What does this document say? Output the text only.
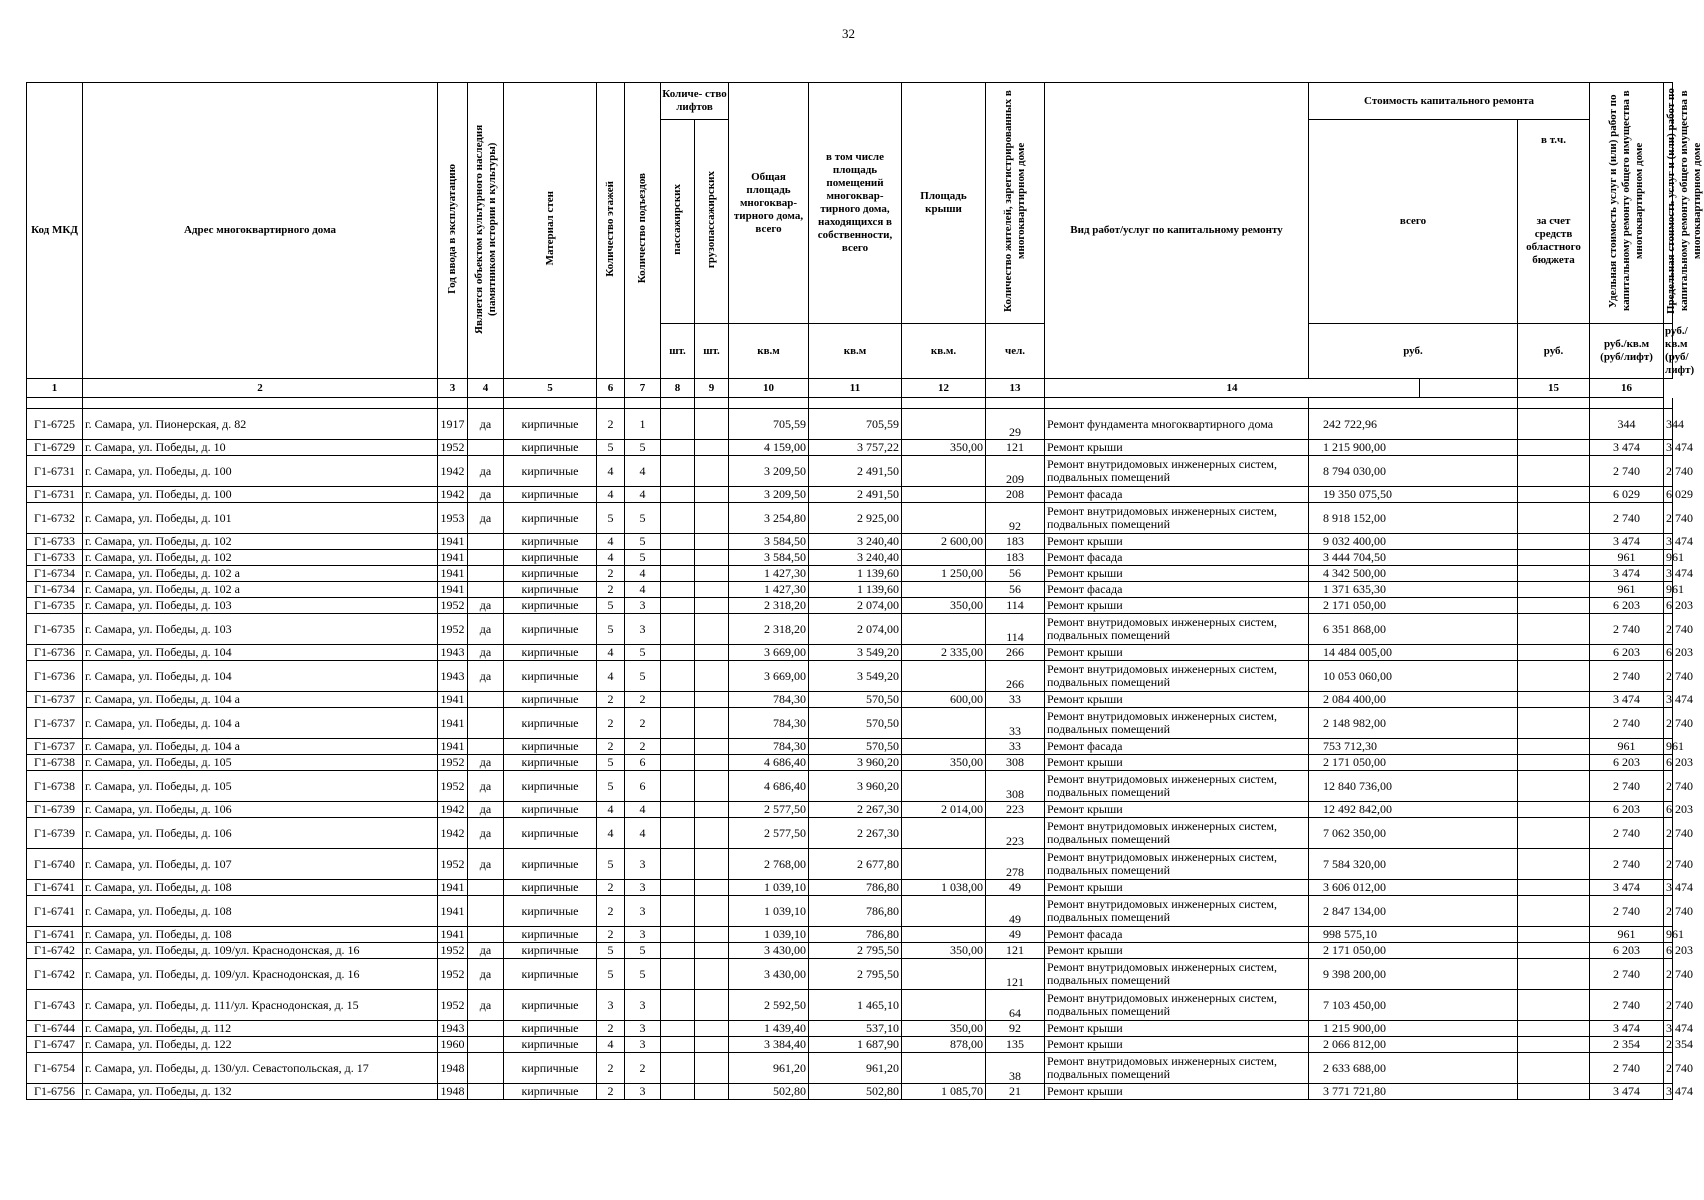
32
Код МКД	Адрес многоквартирного дома	Год ввода в эксплуатацию	Является объектом культурного наследия (памятником истории и культуры)	Материал стен	Количество этажей	Количество подъездов	Количе- ство лифтов		Общая площадь многоквар- тирного дома, всего	в том числе площадь помещений многоквар- тирного дома, находящихся в собственности, всего	Площадь крыши	Количество жителей, зарегистрированных в многоквартирном доме	Вид работ/услуг по капитальному ремонту	Стоимость капитального ремонта			Удельная стоимость услуг и (или) работ по капитальному ремонту общего имущества в многоквартирном доме	Предельная стоимость услуг и (или) работ по капитальному ремонту общего имущества в многоквартирном доме
							пассажирских	грузопассажирских						всего		в т.ч.
за счет средств областного бюджета		

							шт.	шт.	кв.м	кв.м	кв.м.	чел.		руб.		руб.	руб./кв.м (руб/лифт)	руб./кв.м (руб/лифт)
1	2	3	4	5	6	7	8	9	10	11	12	13	14			15	16	

Г1-6725	г. Самара, ул. Пионерская, д. 82	1917	да	кирпичные	2	1			705,59	705,59		29	Ремонт фундамента многоквартирного дома	242 722,96			344	344
Г1-6729	г. Самара, ул. Победы, д. 10	1952		кирпичные	5	5			4 159,00	3 757,22	350,00	121	Ремонт крыши	1 215 900,00			3 474	3 474
Г1-6731	г. Самара, ул. Победы, д. 100	1942	да	кирпичные	4	4			3 209,50	2 491,50		209	Ремонт внутридомовых инженерных систем, подвальных помещений	8 794 030,00			2 740	2 740
Г1-6731	г. Самара, ул. Победы, д. 100	1942	да	кирпичные	4	4			3 209,50	2 491,50		208	Ремонт фасада	19 350 075,50			6 029	6 029
Г1-6732	г. Самара, ул. Победы, д. 101	1953	да	кирпичные	5	5			3 254,80	2 925,00		92	Ремонт внутридомовых инженерных систем, подвальных помещений	8 918 152,00			2 740	2 740
Г1-6733	г. Самара, ул. Победы, д. 102	1941		кирпичные	4	5			3 584,50	3 240,40	2 600,00	183	Ремонт крыши	9 032 400,00			3 474	3 474
Г1-6733	г. Самара, ул. Победы, д. 102	1941		кирпичные	4	5			3 584,50	3 240,40		183	Ремонт фасада	3 444 704,50			961	961
Г1-6734	г. Самара, ул. Победы, д. 102 а	1941		кирпичные	2	4			1 427,30	1 139,60	1 250,00	56	Ремонт крыши	4 342 500,00			3 474	3 474
Г1-6734	г. Самара, ул. Победы, д. 102 а	1941		кирпичные	2	4			1 427,30	1 139,60		56	Ремонт фасада	1 371 635,30			961	961
Г1-6735	г. Самара, ул. Победы, д. 103	1952	да	кирпичные	5	3			2 318,20	2 074,00	350,00	114	Ремонт крыши	2 171 050,00			6 203	6 203
Г1-6735	г. Самара, ул. Победы, д. 103	1952	да	кирпичные	5	3			2 318,20	2 074,00		114	Ремонт внутридомовых инженерных систем, подвальных помещений	6 351 868,00			2 740	2 740
Г1-6736	г. Самара, ул. Победы, д. 104	1943	да	кирпичные	4	5			3 669,00	3 549,20	2 335,00	266	Ремонт крыши	14 484 005,00			6 203	6 203
Г1-6736	г. Самара, ул. Победы, д. 104	1943	да	кирпичные	4	5			3 669,00	3 549,20		266	Ремонт внутридомовых инженерных систем, подвальных помещений	10 053 060,00			2 740	2 740
Г1-6737	г. Самара, ул. Победы, д. 104 а	1941		кирпичные	2	2			784,30	570,50	600,00	33	Ремонт крыши	2 084 400,00			3 474	3 474
Г1-6737	г. Самара, ул. Победы, д. 104 а	1941		кирпичные	2	2			784,30	570,50		33	Ремонт внутридомовых инженерных систем, подвальных помещений	2 148 982,00			2 740	2 740
Г1-6737	г. Самара, ул. Победы, д. 104 а	1941		кирпичные	2	2			784,30	570,50		33	Ремонт фасада	753 712,30			961	961
Г1-6738	г. Самара, ул. Победы, д. 105	1952	да	кирпичные	5	6			4 686,40	3 960,20	350,00	308	Ремонт крыши	2 171 050,00			6 203	6 203
Г1-6738	г. Самара, ул. Победы, д. 105	1952	да	кирпичные	5	6			4 686,40	3 960,20		308	Ремонт внутридомовых инженерных систем, подвальных помещений	12 840 736,00			2 740	2 740
Г1-6739	г. Самара, ул. Победы, д. 106	1942	да	кирпичные	4	4			2 577,50	2 267,30	2 014,00	223	Ремонт крыши	12 492 842,00			6 203	6 203
Г1-6739	г. Самара, ул. Победы, д. 106	1942	да	кирпичные	4	4			2 577,50	2 267,30		223	Ремонт внутридомовых инженерных систем, подвальных помещений	7 062 350,00			2 740	2 740
Г1-6740	г. Самара, ул. Победы, д. 107	1952	да	кирпичные	5	3			2 768,00	2 677,80		278	Ремонт внутридомовых инженерных систем, подвальных помещений	7 584 320,00			2 740	2 740
Г1-6741	г. Самара, ул. Победы, д. 108	1941		кирпичные	2	3			1 039,10	786,80	1 038,00	49	Ремонт крыши	3 606 012,00			3 474	3 474
Г1-6741	г. Самара, ул. Победы, д. 108	1941		кирпичные	2	3			1 039,10	786,80		49	Ремонт внутридомовых инженерных систем, подвальных помещений	2 847 134,00			2 740	2 740
Г1-6741	г. Самара, ул. Победы, д. 108	1941		кирпичные	2	3			1 039,10	786,80		49	Ремонт фасада	998 575,10			961	961
Г1-6742	г. Самара, ул. Победы, д. 109/ул. Краснодонская, д. 16	1952	да	кирпичные	5	5			3 430,00	2 795,50	350,00	121	Ремонт крыши	2 171 050,00			6 203	6 203
Г1-6742	г. Самара, ул. Победы, д. 109/ул. Краснодонская, д. 16	1952	да	кирпичные	5	5			3 430,00	2 795,50		121	Ремонт внутридомовых инженерных систем, подвальных помещений	9 398 200,00			2 740	2 740
Г1-6743	г. Самара, ул. Победы, д. 111/ул. Краснодонская, д. 15	1952	да	кирпичные	3	3			2 592,50	1 465,10		64	Ремонт внутридомовых инженерных систем, подвальных помещений	7 103 450,00			2 740	2 740
Г1-6744	г. Самара, ул. Победы, д. 112	1943		кирпичные	2	3			1 439,40	537,10	350,00	92	Ремонт крыши	1 215 900,00			3 474	3 474
Г1-6747	г. Самара, ул. Победы, д. 122	1960		кирпичные	4	3			3 384,40	1 687,90	878,00	135	Ремонт крыши	2 066 812,00			2 354	2 354
Г1-6754	г. Самара, ул. Победы, д. 130/ул. Севастопольская, д. 17	1948		кирпичные	2	2			961,20	961,20		38	Ремонт внутридомовых инженерных систем, подвальных помещений	2 633 688,00			2 740	2 740
Г1-6756	г. Самара, ул. Победы, д. 132	1948		кирпичные	2	3			502,80	502,80	1 085,70	21	Ремонт крыши	3 771 721,80			3 474	3 474
